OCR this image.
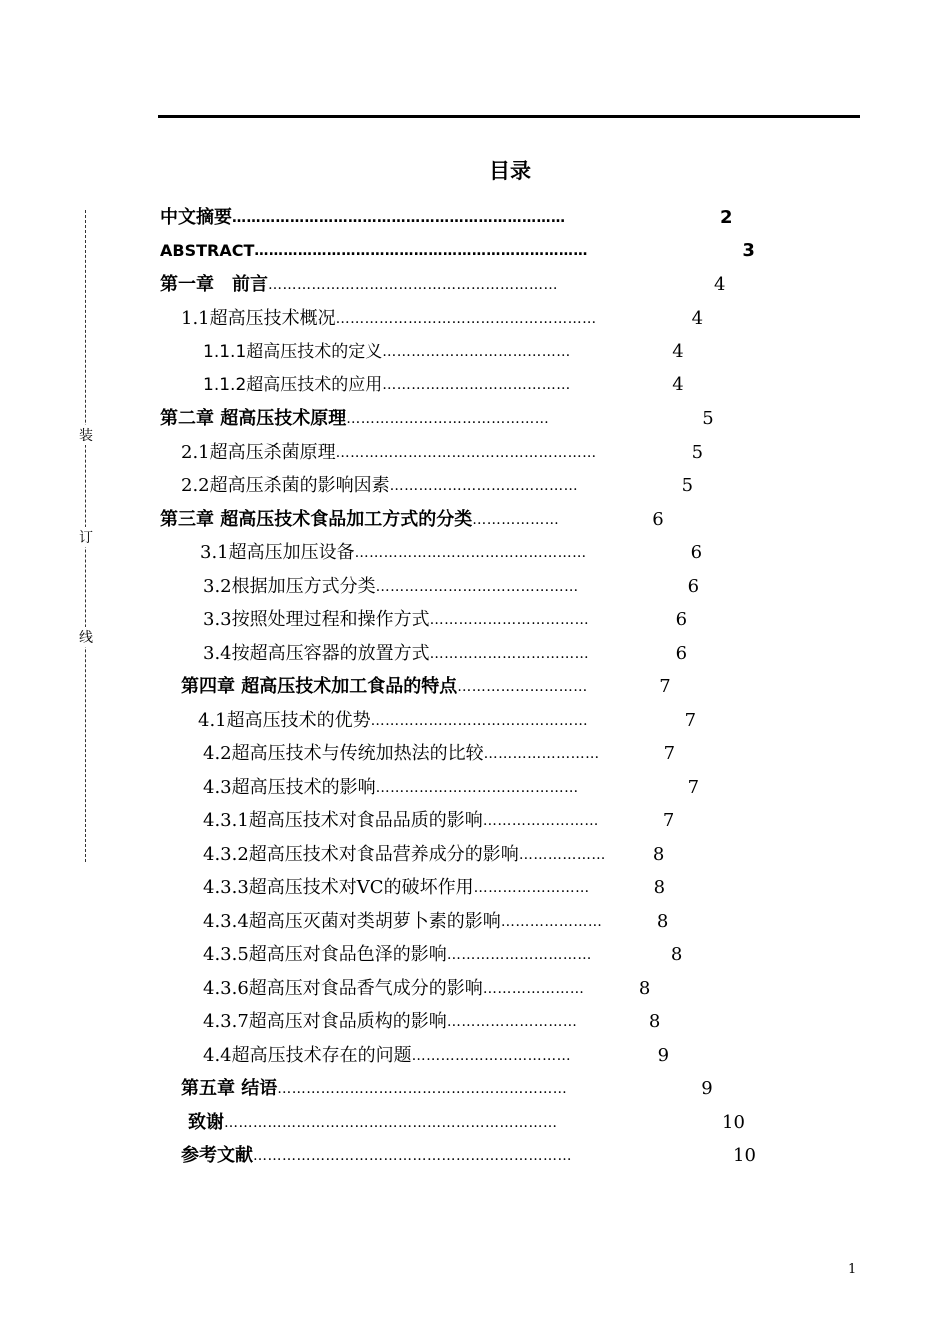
目录
装
订
线
中文摘要……………………………………………………………	2
ABSTRACT……………………………………………………………	3
第一章　前言……………………………………………………	4
1.1超高压技术概况………………………………………………	4
1.1.1超高压技术的定义…………………………………	4
1.1.2超高压技术的应用…………………………………	4
第二章 超高压技术原理……………………………………	5
2.1超高压杀菌原理………………………………………………	5
2.2超高压杀菌的影响因素…………………………………	5
第三章 超高压技术食品加工方式的分类………………	6
3.1超高压加压设备…………………………………………	6
3.2根据加压方式分类……………………………………	6
3.3按照处理过程和操作方式……………………………	6
3.4按超高压容器的放置方式……………………………	6
第四章 超高压技术加工食品的特点………………………	7
4.1超高压技术的优势………………………………………	7
4.2超高压技术与传统加热法的比较……………………	7
4.3超高压技术的影响……………………………………	7
4.3.1超高压技术对食品品质的影响……………………	7
4.3.2超高压技术对食品营养成分的影响………………	8
4.3.3超高压技术对VC的破坏作用……………………	8
4.3.4超高压灭菌对类胡萝卜素的影响…………………	8
4.3.5超高压对食品色泽的影响…………………………	8
4.3.6超高压对食品香气成分的影响…………………	8
4.3.7超高压对食品质构的影响………………………	8
4.4超高压技术存在的问题……………………………	9
第五章 结语……………………………………………………	9
致谢……………………………………………………………	10
参考文献…………………………………………………………	10
1
